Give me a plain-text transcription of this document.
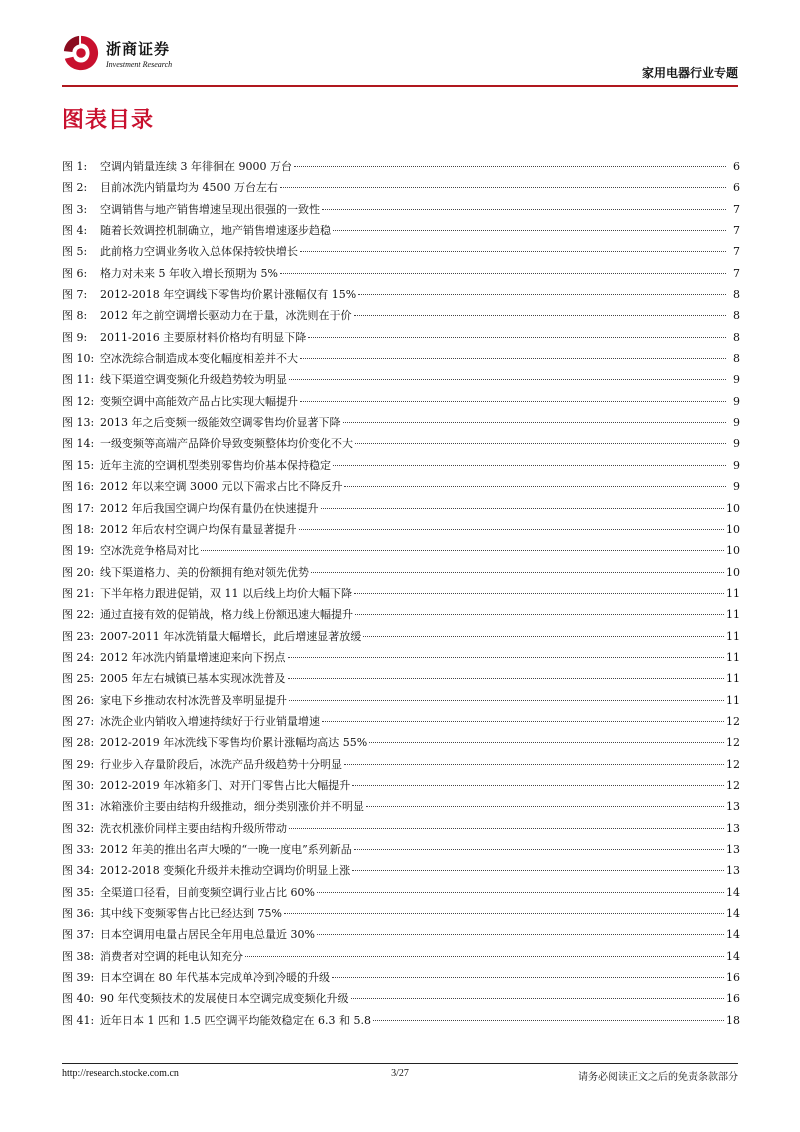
浙商证券
Investment Research
家用电器行业专题
图表目录
图 1:	空调内销量连续 3 年徘徊在 9000 万台	6
图 2:	目前冰洗内销量均为 4500 万台左右	6
图 3:	空调销售与地产销售增速呈现出很强的一致性	7
图 4:	随着长效调控机制确立，地产销售增速逐步趋稳	7
图 5:	此前格力空调业务收入总体保持较快增长	7
图 6:	格力对未来 5 年收入增长预期为 5%	7
图 7:	2012-2018 年空调线下零售均价累计涨幅仅有 15%	8
图 8:	2012 年之前空调增长驱动力在于量，冰洗则在于价	8
图 9:	2011-2016 主要原材料价格均有明显下降	8
图 10: 空冰洗综合制造成本变化幅度相差并不大	8
图 11: 线下渠道空调变频化升级趋势较为明显	9
图 12: 变频空调中高能效产品占比实现大幅提升	9
图 13: 2013 年之后变频一级能效空调零售均价显著下降	9
图 14: 一级变频等高端产品降价导致变频整体均价变化不大	9
图 15: 近年主流的空调机型类别零售均价基本保持稳定	9
图 16: 2012 年以来空调 3000 元以下需求占比不降反升	9
图 17: 2012 年后我国空调户均保有量仍在快速提升	10
图 18: 2012 年后农村空调户均保有量显著提升	10
图 19: 空冰洗竞争格局对比	10
图 20: 线下渠道格力、美的份额拥有绝对领先优势	10
图 21: 下半年格力跟进促销，双 11 以后线上均价大幅下降	11
图 22: 通过直接有效的促销战，格力线上份额迅速大幅提升	11
图 23: 2007-2011 年冰洗销量大幅增长，此后增速显著放缓	11
图 24: 2012 年冰洗内销量增速迎来向下拐点	11
图 25: 2005 年左右城镇已基本实现冰洗普及	11
图 26: 家电下乡推动农村冰洗普及率明显提升	11
图 27: 冰洗企业内销收入增速持续好于行业销量增速	12
图 28: 2012-2019 年冰洗线下零售均价累计涨幅均高达 55%	12
图 29: 行业步入存量阶段后，冰洗产品升级趋势十分明显	12
图 30: 2012-2019 年冰箱多门、对开门零售占比大幅提升	12
图 31: 冰箱涨价主要由结构升级推动，细分类别涨价并不明显	13
图 32: 洗衣机涨价同样主要由结构升级所带动	13
图 33: 2012 年美的推出名声大噪的“一晚一度电”系列新品	13
图 34: 2012-2018 变频化升级并未推动空调均价明显上涨	13
图 35: 全渠道口径看，目前变频空调行业占比 60%	14
图 36: 其中线下变频零售占比已经达到 75%	14
图 37: 日本空调用电量占居民全年用电总量近 30%	14
图 38: 消费者对空调的耗电认知充分	14
图 39: 日本空调在 80 年代基本完成单冷到冷暖的升级	16
图 40: 90 年代变频技术的发展使日本空调完成变频化升级	16
图 41: 近年日本 1 匹和 1.5 匹空调平均能效稳定在 6.3 和 5.8	18
http://research.stocke.com.cn	3/27	请务必阅读正文之后的免责条款部分
